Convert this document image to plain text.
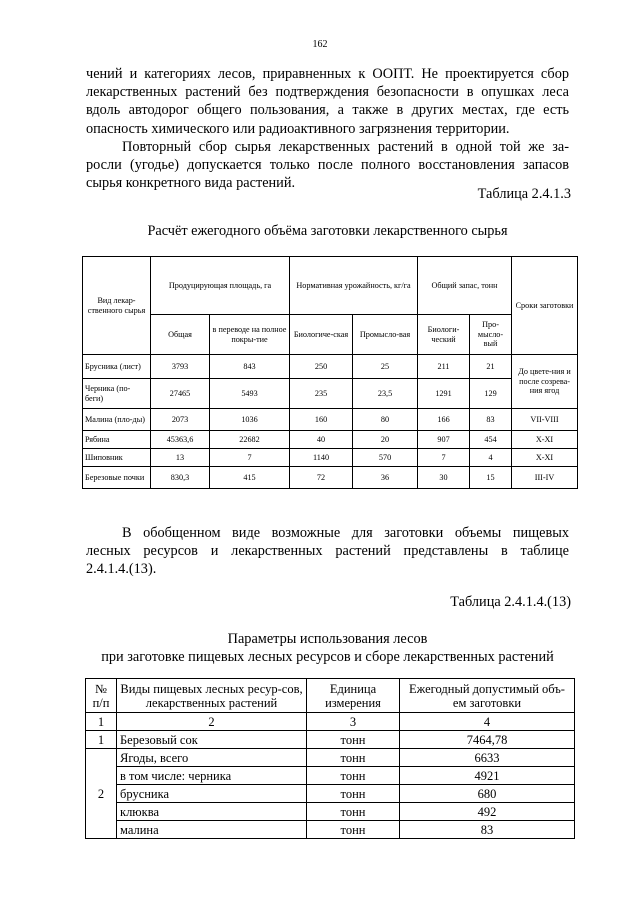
162
чений и категориях лесов, приравненных к ООПТ. Не проектируется сбор
лекарственных растений без подтверждения безопасности в опушках леса
вдоль автодорог общего пользования, а также в других местах, где есть
опасность химического или радиоактивного загрязнения территории.
Повторный сбор сырья лекарственных растений в одной той же за-
росли (угодье) допускается только после полного восстановления запасов
сырья конкретного вида растений.
Таблица 2.4.1.3
Расчёт ежегодного объёма заготовки лекарственного сырья
Вид лекар-ственного сырья	Продуцирующая площадь, га		Нормативная урожайность, кг/га		Общий запас, тонн		Сроки заготовки
	Общая	в переводе на полное покры-тие	Биологиче-ская	Промысло-вая	Биологи-ческий	Про-мысло-вый	
Брусника (лист)	3793	843	250	25	211	21	До цвете-ния и после созрева-ния ягод
Черника (по-беги)	27465	5493	235	23,5	1291	129	
Малина (пло-ды)	2073	1036	160	80	166	83	VII-VIII
Рябина	45363,6	22682	40	20	907	454	X-XI
Шиповник	13	7	1140	570	7	4	X-XI
Березовые почки	830,3	415	72	36	30	15	III-IV
В обобщенном виде возможные для заготовки объемы пищевых
лесных ресурсов и лекарственных растений представлены в таблице
2.4.1.4.(13).
Таблица 2.4.1.4.(13)
Параметры использования лесов
при заготовке пищевых лесных ресурсов и сборе лекарственных растений
№ п/п	Виды пищевых лесных ресур-сов, лекарственных растений	Единица измерения	Ежегодный допустимый объ-ем заготовки
1	2	3	4
1	Березовый сок	тонн	7464,78
2	Ягоды, всего	тонн	6633
	в том числе: черника	тонн	4921
	брусника	тонн	680
	клюква	тонн	492
	малина	тонн	83
